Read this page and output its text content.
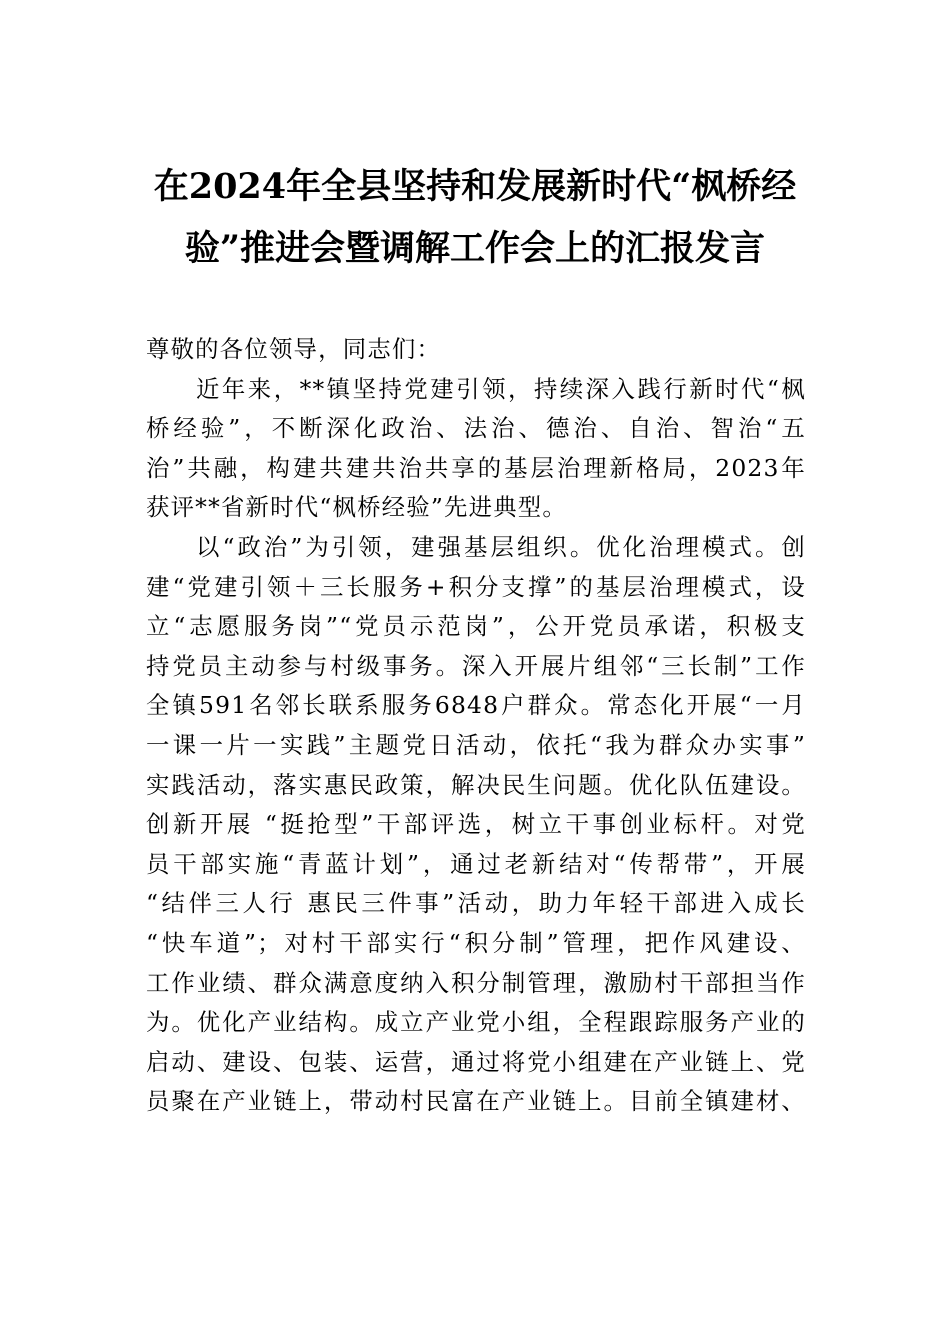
在2024年全县坚持和发展新时代“枫桥经
验”推进会暨调解工作会上的汇报发言

尊敬的各位领导，同志们：

近年来，**镇坚持党建引领，持续深入践行新时代“枫
桥经验”，不断深化政治、法治、德治、自治、智治“五
治”共融，构建共建共治共享的基层治理新格局，2023年
获评**省新时代“枫桥经验”先进典型。

以“政治”为引领，建强基层组织。优化治理模式。创
建“党建引领＋三长服务+积分支撑”的基层治理模式，设
立“志愿服务岗”“党员示范岗”，公开党员承诺，积极支
持党员主动参与村级事务。深入开展片组邻“三长制”工作
全镇591名邻长联系服务6848户群众。常态化开展“一月
一课一片一实践”主题党日活动，依托“我为群众办实事”
实践活动，落实惠民政策，解决民生问题。优化队伍建设。
创新开展 “挺抢型”干部评选，树立干事创业标杆。对党
员干部实施“青蓝计划”，通过老新结对“传帮带”，开展
“结伴三人行 惠民三件事”活动，助力年轻干部进入成长
“快车道”；对村干部实行“积分制”管理，把作风建设、
工作业绩、群众满意度纳入积分制管理，激励村干部担当作
为。优化产业结构。成立产业党小组，全程跟踪服务产业的
启动、建设、包装、运营，通过将党小组建在产业链上、党
员聚在产业链上，带动村民富在产业链上。目前全镇建材、
